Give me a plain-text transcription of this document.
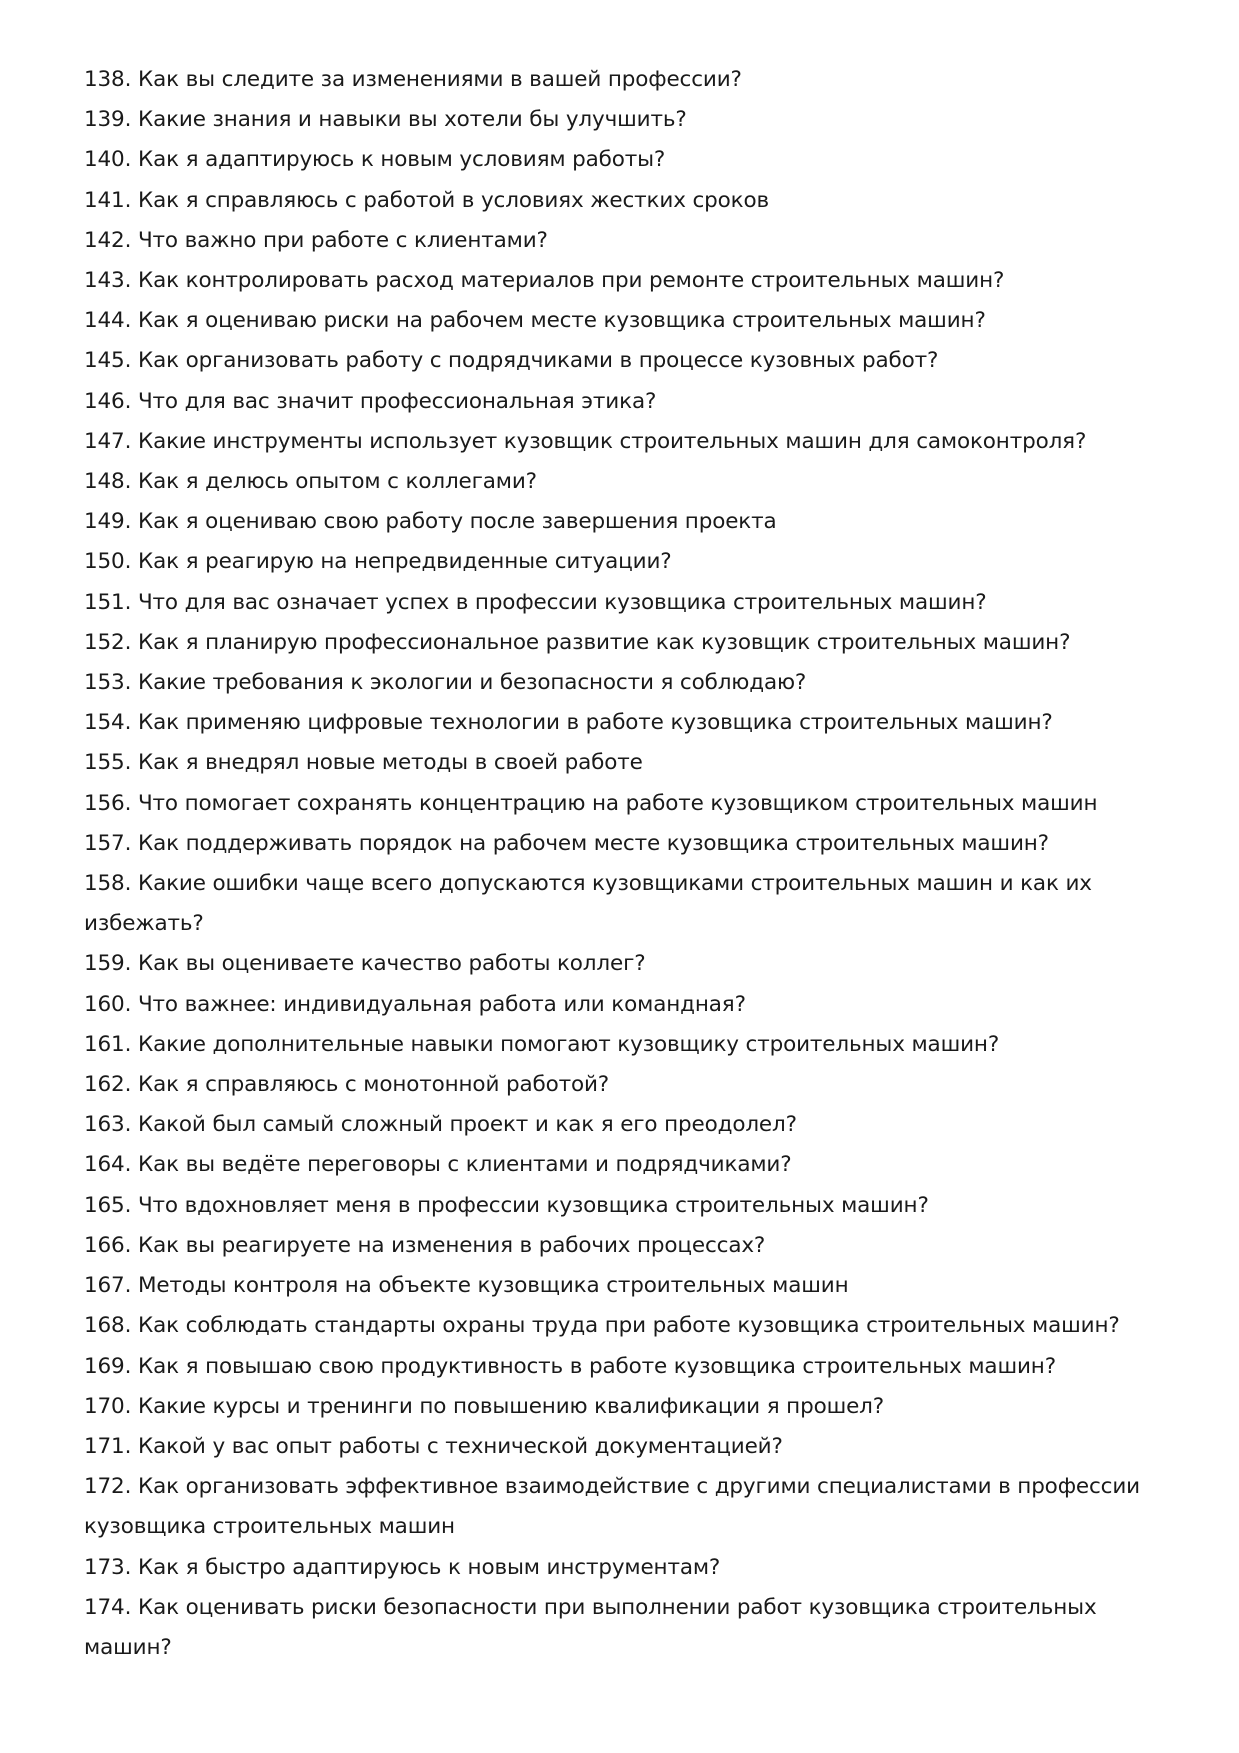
138. Как вы следите за изменениями в вашей профессии?
139. Какие знания и навыки вы хотели бы улучшить?
140. Как я адаптируюсь к новым условиям работы?
141. Как я справляюсь с работой в условиях жестких сроков
142. Что важно при работе с клиентами?
143. Как контролировать расход материалов при ремонте строительных машин?
144. Как я оцениваю риски на рабочем месте кузовщика строительных машин?
145. Как организовать работу с подрядчиками в процессе кузовных работ?
146. Что для вас значит профессиональная этика?
147. Какие инструменты использует кузовщик строительных машин для самоконтроля?
148. Как я делюсь опытом с коллегами?
149. Как я оцениваю свою работу после завершения проекта
150. Как я реагирую на непредвиденные ситуации?
151. Что для вас означает успех в профессии кузовщика строительных машин?
152. Как я планирую профессиональное развитие как кузовщик строительных машин?
153. Какие требования к экологии и безопасности я соблюдаю?
154. Как применяю цифровые технологии в работе кузовщика строительных машин?
155. Как я внедрял новые методы в своей работе
156. Что помогает сохранять концентрацию на работе кузовщиком строительных машин
157. Как поддерживать порядок на рабочем месте кузовщика строительных машин?
158. Какие ошибки чаще всего допускаются кузовщиками строительных машин и как их избежать?
159. Как вы оцениваете качество работы коллег?
160. Что важнее: индивидуальная работа или командная?
161. Какие дополнительные навыки помогают кузовщику строительных машин?
162. Как я справляюсь с монотонной работой?
163. Какой был самый сложный проект и как я его преодолел?
164. Как вы ведёте переговоры с клиентами и подрядчиками?
165. Что вдохновляет меня в профессии кузовщика строительных машин?
166. Как вы реагируете на изменения в рабочих процессах?
167. Методы контроля на объекте кузовщика строительных машин
168. Как соблюдать стандарты охраны труда при работе кузовщика строительных машин?
169. Как я повышаю свою продуктивность в работе кузовщика строительных машин?
170. Какие курсы и тренинги по повышению квалификации я прошел?
171. Какой у вас опыт работы с технической документацией?
172. Как организовать эффективное взаимодействие с другими специалистами в профессии кузовщика строительных машин
173. Как я быстро адаптируюсь к новым инструментам?
174. Как оценивать риски безопасности при выполнении работ кузовщика строительных машин?
